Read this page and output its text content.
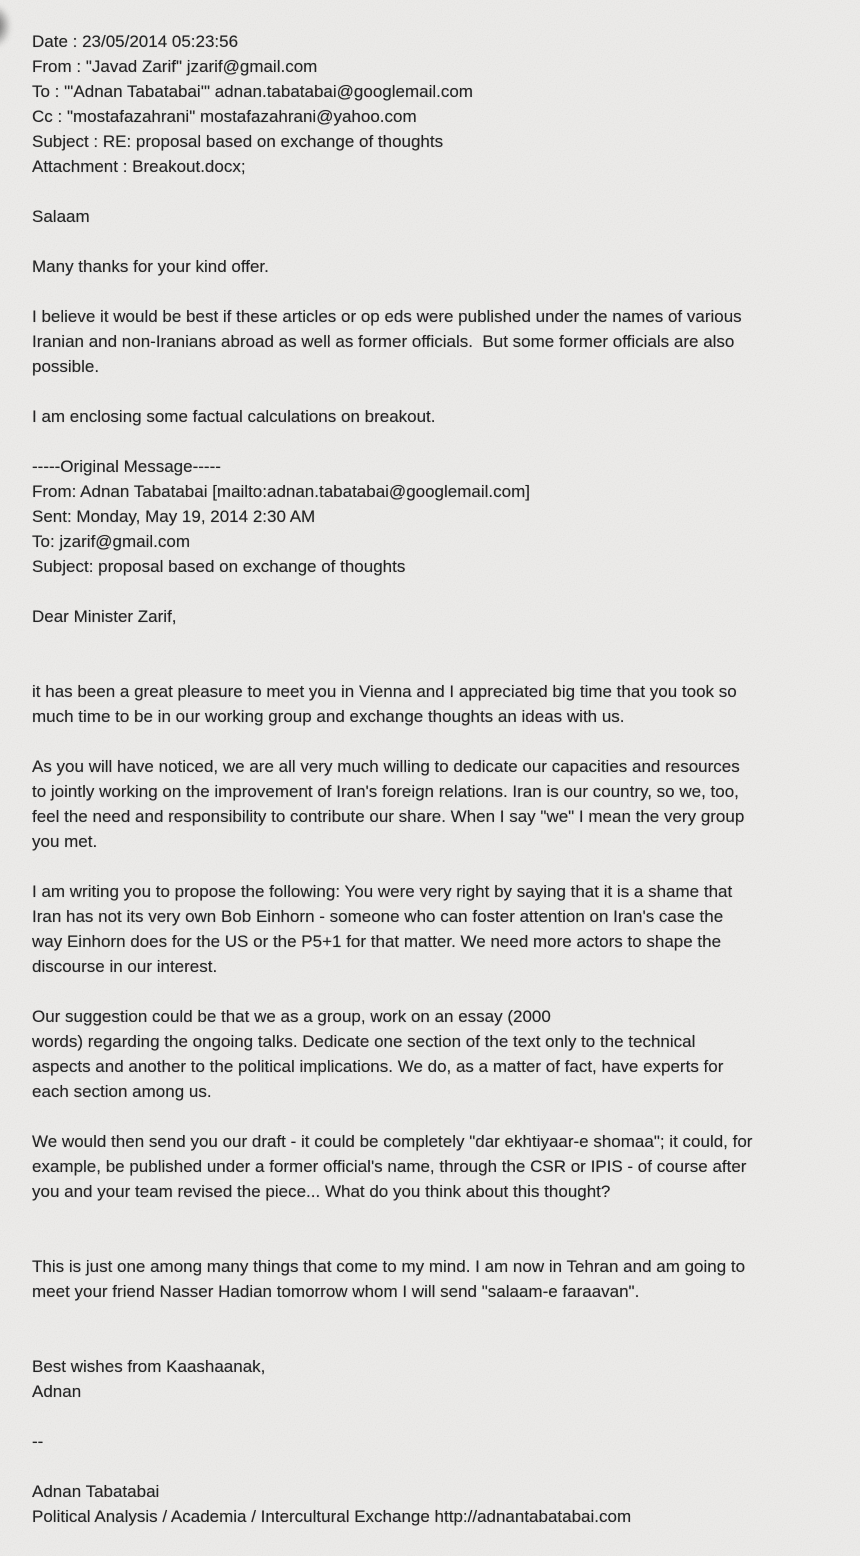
Date : 23/05/2014 05:23:56
From : "Javad Zarif" jzarif@gmail.com
To : "'Adnan Tabatabai'" adnan.tabatabai@googlemail.com
Cc : "mostafazahrani" mostafazahrani@yahoo.com
Subject : RE: proposal based on exchange of thoughts
Attachment : Breakout.docx;

Salaam

Many thanks for your kind offer.

I believe it would be best if these articles or op eds were published under the names of various
Iranian and non-Iranians abroad as well as former officials.  But some former officials are also
possible.

I am enclosing some factual calculations on breakout.

-----Original Message-----
From: Adnan Tabatabai [mailto:adnan.tabatabai@googlemail.com]
Sent: Monday, May 19, 2014 2:30 AM
To: jzarif@gmail.com
Subject: proposal based on exchange of thoughts

Dear Minister Zarif,

it has been a great pleasure to meet you in Vienna and I appreciated big time that you took so
much time to be in our working group and exchange thoughts an ideas with us.

As you will have noticed, we are all very much willing to dedicate our capacities and resources
to jointly working on the improvement of Iran's foreign relations. Iran is our country, so we, too,
feel the need and responsibility to contribute our share. When I say "we" I mean the very group
you met.

I am writing you to propose the following: You were very right by saying that it is a shame that
Iran has not its very own Bob Einhorn - someone who can foster attention on Iran's case the
way Einhorn does for the US or the P5+1 for that matter. We need more actors to shape the
discourse in our interest.

Our suggestion could be that we as a group, work on an essay (2000
words) regarding the ongoing talks. Dedicate one section of the text only to the technical
aspects and another to the political implications. We do, as a matter of fact, have experts for
each section among us.

We would then send you our draft - it could be completely "dar ekhtiyaar-e shomaa"; it could, for
example, be published under a former official's name, through the CSR or IPIS - of course after
you and your team revised the piece... What do you think about this thought?

This is just one among many things that come to my mind. I am now in Tehran and am going to
meet your friend Nasser Hadian tomorrow whom I will send "salaam-e faraavan".

Best wishes from Kaashaanak,
Adnan

--

Adnan Tabatabai
Political Analysis / Academia / Intercultural Exchange http://adnantabatabai.com
